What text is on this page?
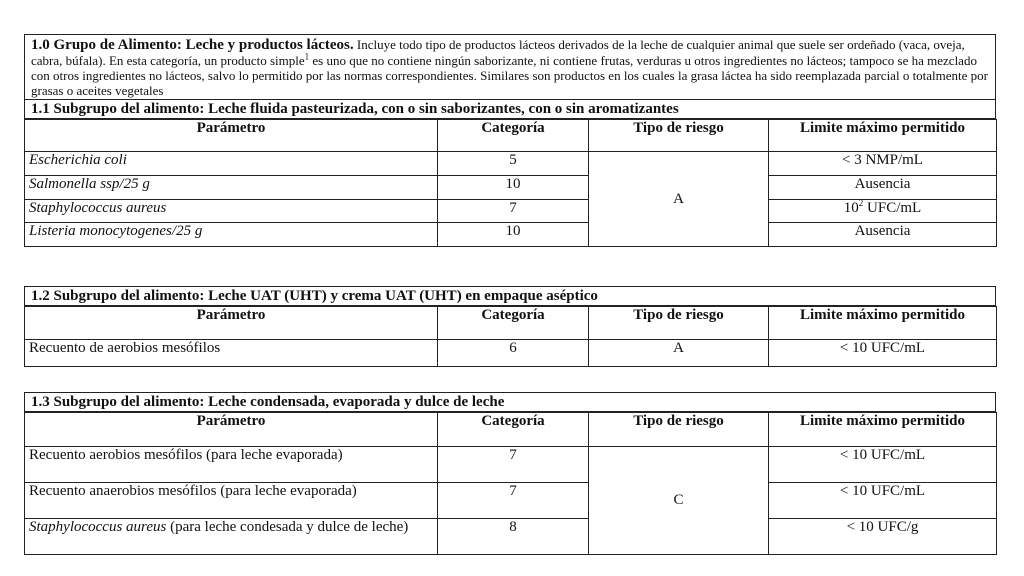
1.0 Grupo de Alimento: Leche y productos lácteos. Incluye todo tipo de productos lácteos derivados de la leche de cualquier animal que suele ser ordeñado (vaca, oveja, cabra, búfala). En esta categoría, un producto simple$^1$ es uno que no contiene ningún saborizante, ni contiene frutas, verduras u otros ingredientes no lácteos; tampoco se ha mezclado con otros ingredientes no lácteos, salvo lo permitido por las normas correspondientes. Similares son productos en los cuales la grasa láctea ha sido reemplazada parcial o totalmente por grasas o aceites vegetales
1.1 Subgrupo del alimento: Leche fluida pasteurizada, con o sin saborizantes, con o sin aromatizantes
Parámetro	Categoría	Tipo de riesgo	Limite máximo permitido
Escherichia coli	5	A	< 3 NMP/mL
Salmonella ssp/25 g	10		Ausencia
Staphylococcus aureus	7		$10^2$ UFC/mL
Listeria monocytogenes/25 g	10		Ausencia
1.2 Subgrupo del alimento: Leche UAT (UHT) y crema UAT (UHT) en empaque aséptico
Parámetro	Categoría	Tipo de riesgo	Limite máximo permitido
Recuento de aerobios mesófilos	6	A	< 10 UFC/mL
1.3 Subgrupo del alimento: Leche condensada, evaporada y dulce de leche
Parámetro	Categoría	Tipo de riesgo	Limite máximo permitido
Recuento aerobios mesófilos (para leche evaporada)	7	C	< 10 UFC/mL
Recuento anaerobios mesófilos (para leche evaporada)	7		< 10 UFC/mL
Staphylococcus aureus (para leche condesada y dulce de leche)	8		< 10 UFC/g
